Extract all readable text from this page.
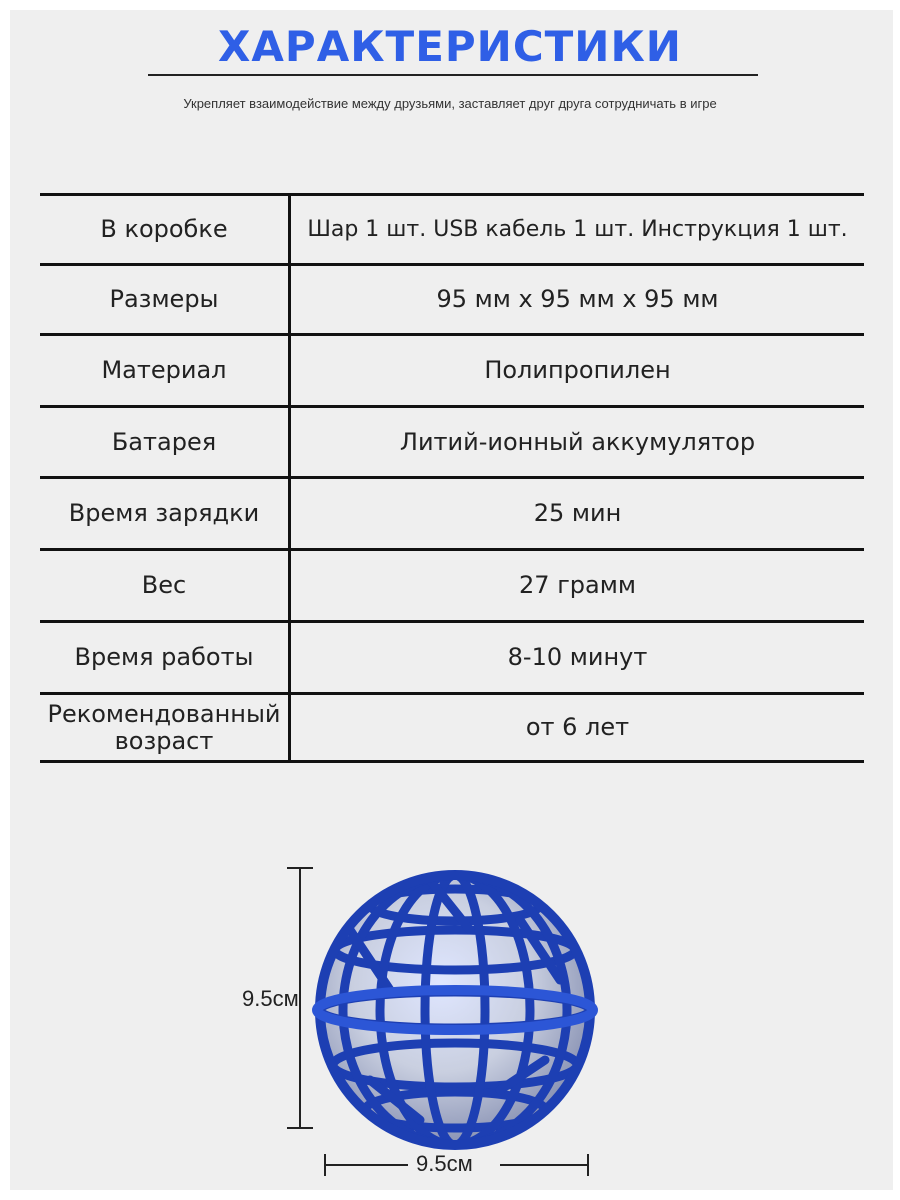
ХАРАКТЕРИСТИКИ
Укрепляет взаимодействие между друзьями, заставляет друг друга сотрудничать в игре
В коробке	Шар 1 шт. USB кабель 1 шт. Инструкция 1 шт.
Размеры	95 мм х 95 мм х 95 мм
Материал	Полипропилен
Батарея	Литий-ионный аккумулятор
Время зарядки	25 мин
Вес	27 грамм
Время работы	8-10 минут
Рекомендованный возраст	от 6 лет
9.5см
9.5см
